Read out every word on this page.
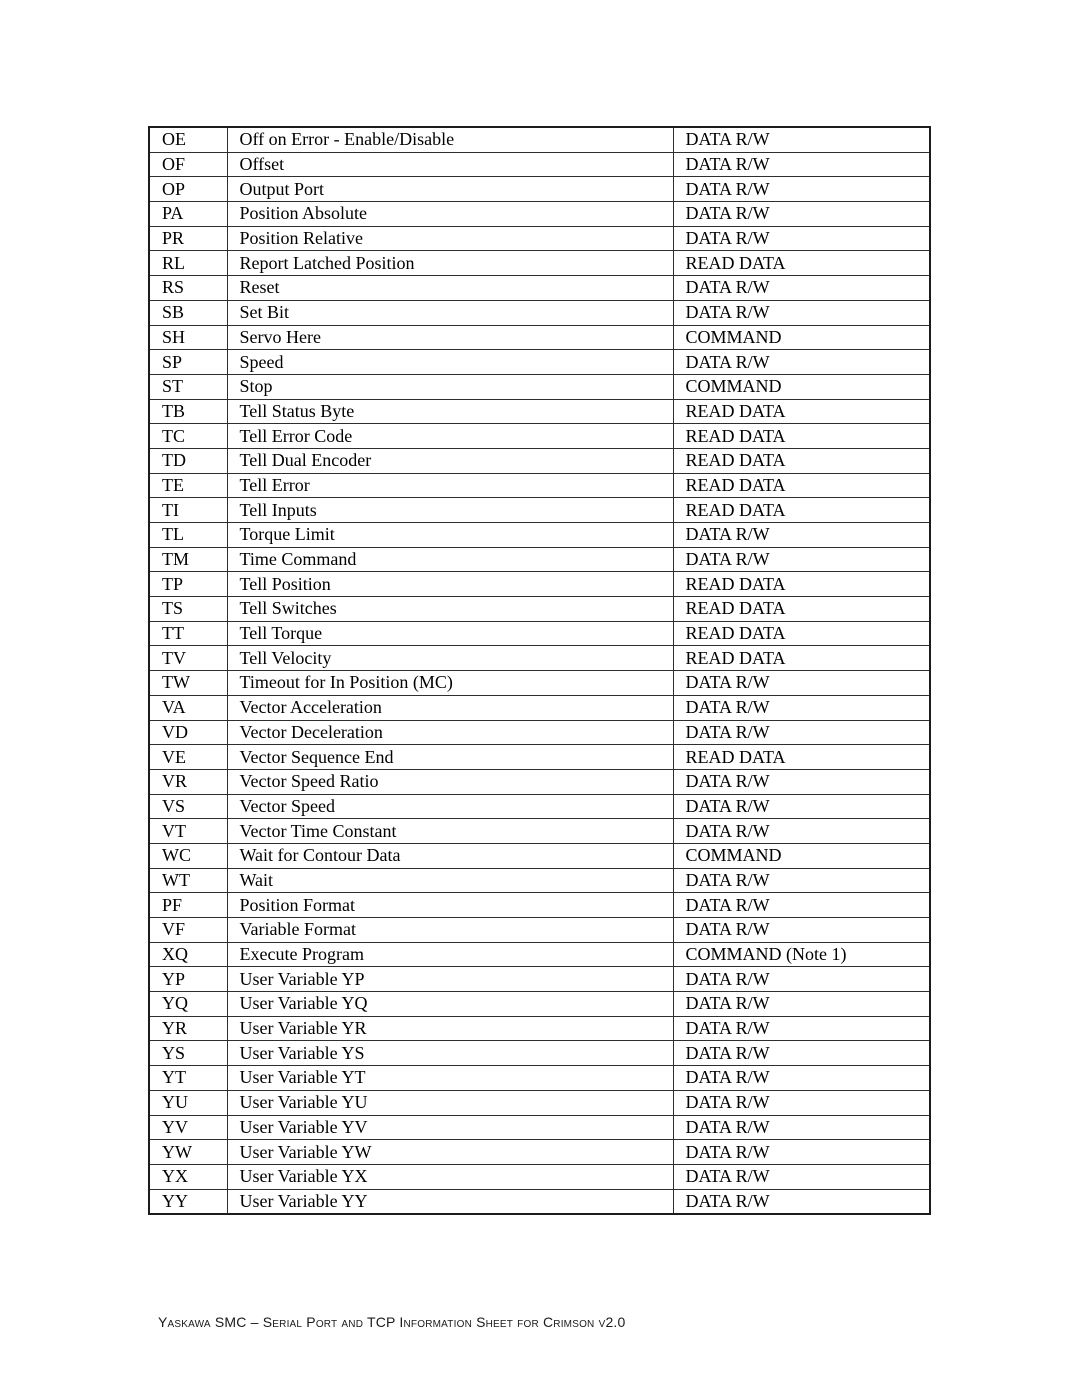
OE	Off on Error - Enable/Disable	DATA R/W
OF	Offset	DATA R/W
OP	Output Port	DATA R/W
PA	Position Absolute	DATA R/W
PR	Position Relative	DATA R/W
RL	Report Latched Position	READ DATA
RS	Reset	DATA R/W
SB	Set Bit	DATA R/W
SH	Servo Here	COMMAND
SP	Speed	DATA R/W
ST	Stop	COMMAND
TB	Tell Status Byte	READ DATA
TC	Tell Error Code	READ DATA
TD	Tell Dual Encoder	READ DATA
TE	Tell Error	READ DATA
TI	Tell Inputs	READ DATA
TL	Torque Limit	DATA R/W
TM	Time Command	DATA R/W
TP	Tell Position	READ DATA
TS	Tell Switches	READ DATA
TT	Tell Torque	READ DATA
TV	Tell Velocity	READ DATA
TW	Timeout for In Position (MC)	DATA R/W
VA	Vector Acceleration	DATA R/W
VD	Vector Deceleration	DATA R/W
VE	Vector Sequence End	READ DATA
VR	Vector Speed Ratio	DATA R/W
VS	Vector Speed	DATA R/W
VT	Vector Time Constant	DATA R/W
WC	Wait for Contour Data	COMMAND
WT	Wait	DATA R/W
PF	Position Format	DATA R/W
VF	Variable Format	DATA R/W
XQ	Execute Program	COMMAND (Note 1)
YP	User Variable YP	DATA R/W
YQ	User Variable YQ	DATA R/W
YR	User Variable YR	DATA R/W
YS	User Variable YS	DATA R/W
YT	User Variable YT	DATA R/W
YU	User Variable YU	DATA R/W
YV	User Variable YV	DATA R/W
YW	User Variable YW	DATA R/W
YX	User Variable YX	DATA R/W
YY	User Variable YY	DATA R/W
Yaskawa SMC – Serial Port and TCP Information Sheet for Crimson v2.0
